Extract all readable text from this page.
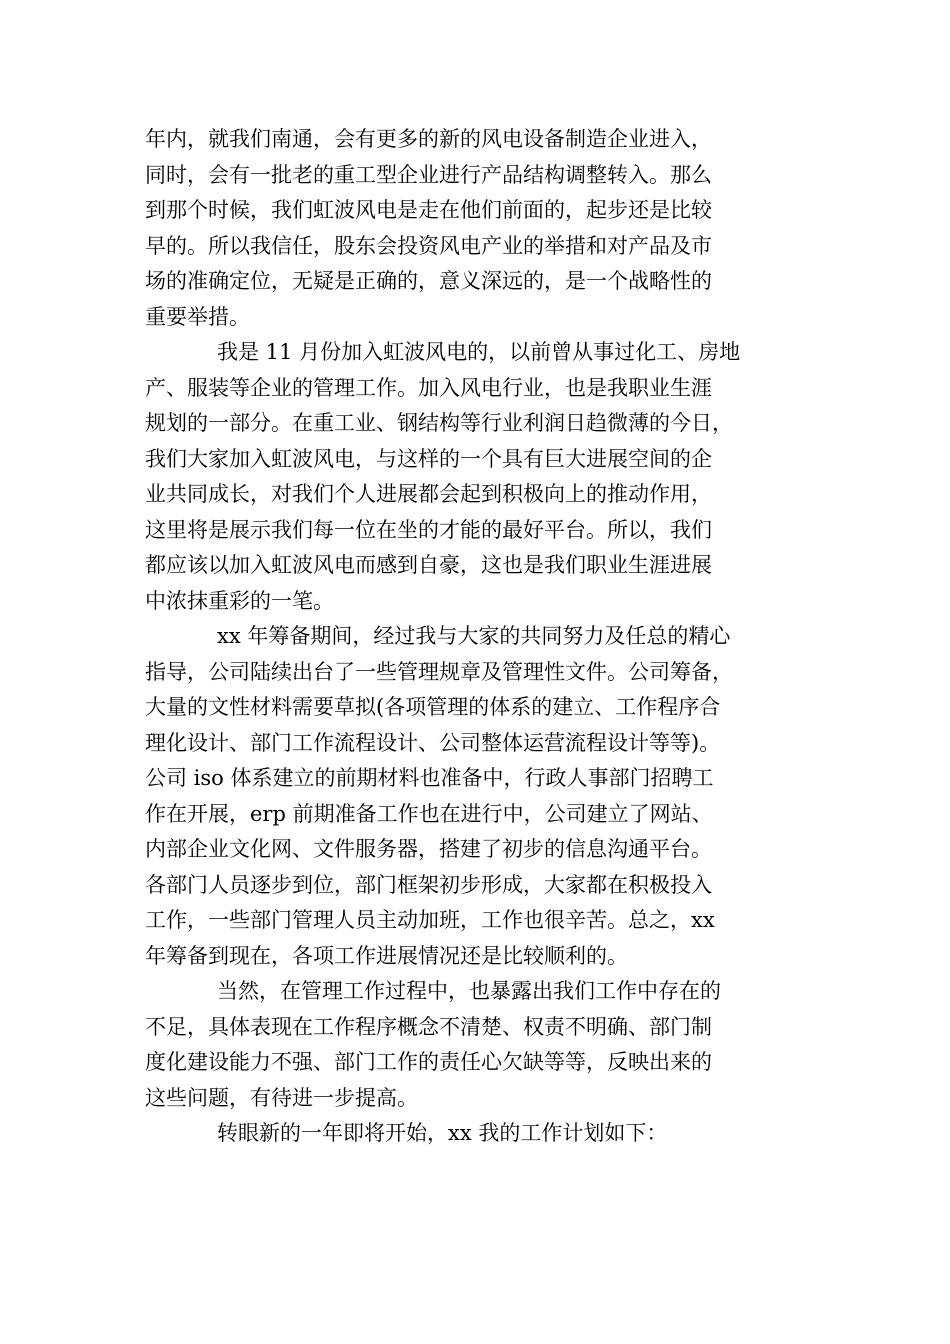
年内，就我们南通，会有更多的新的风电设备制造企业进入，
同时，会有一批老的重工型企业进行产品结构调整转入。那么
到那个时候，我们虹波风电是走在他们前面的，起步还是比较
早的。所以我信任，股东会投资风电产业的举措和对产品及市
场的准确定位，无疑是正确的，意义深远的，是一个战略性的
重要举措。
我是 11 月份加入虹波风电的，以前曾从事过化工、房地
产、服装等企业的管理工作。加入风电行业，也是我职业生涯
规划的一部分。在重工业、钢结构等行业利润日趋微薄的今日，
我们大家加入虹波风电，与这样的一个具有巨大进展空间的企
业共同成长，对我们个人进展都会起到积极向上的推动作用，
这里将是展示我们每一位在坐的才能的最好平台。所以，我们
都应该以加入虹波风电而感到自豪，这也是我们职业生涯进展
中浓抹重彩的一笔。
xx 年筹备期间，经过我与大家的共同努力及任总的精心
指导，公司陆续出台了一些管理规章及管理性文件。公司筹备，
大量的文性材料需要草拟(各项管理的体系的建立、工作程序合
理化设计、部门工作流程设计、公司整体运营流程设计等等)。
公司 iso 体系建立的前期材料也准备中，行政人事部门招聘工
作在开展，erp 前期准备工作也在进行中，公司建立了网站、
内部企业文化网、文件服务器，搭建了初步的信息沟通平台。
各部门人员逐步到位，部门框架初步形成，大家都在积极投入
工作，一些部门管理人员主动加班，工作也很辛苦。总之，xx
年筹备到现在，各项工作进展情况还是比较顺利的。
当然，在管理工作过程中，也暴露出我们工作中存在的
不足，具体表现在工作程序概念不清楚、权责不明确、部门制
度化建设能力不强、部门工作的责任心欠缺等等，反映出来的
这些问题，有待进一步提高。
转眼新的一年即将开始，xx 我的工作计划如下：
